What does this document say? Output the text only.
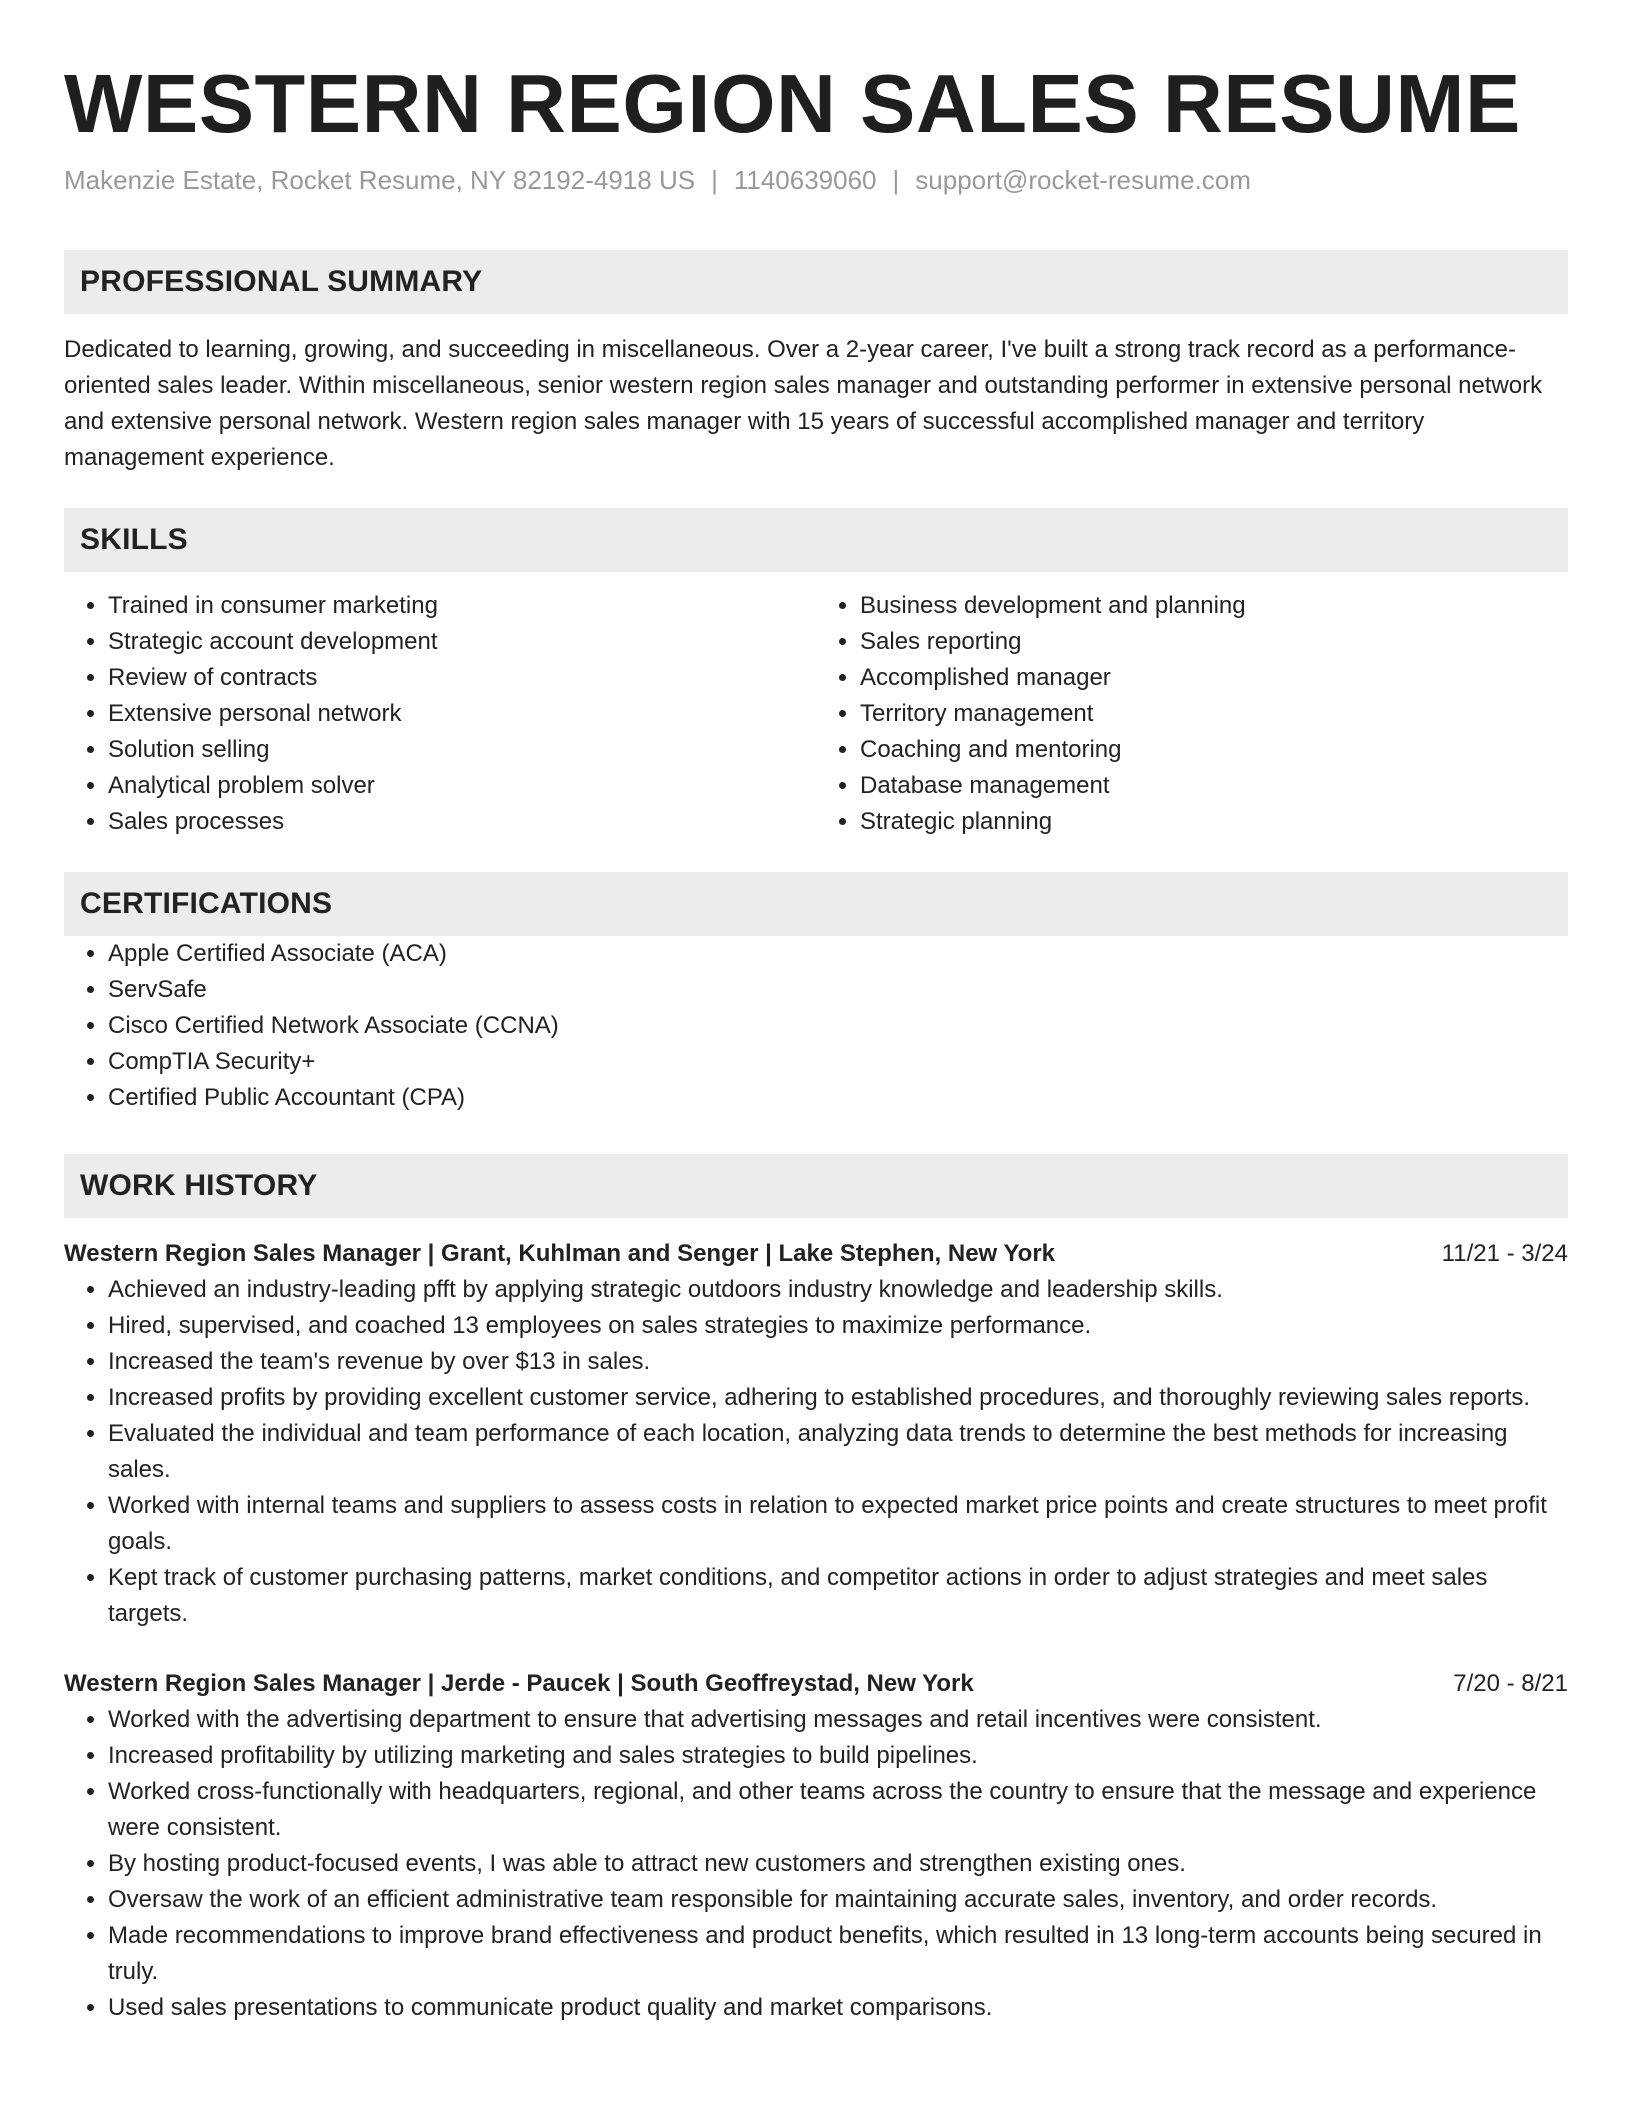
WESTERN REGION SALES RESUME
Makenzie Estate, Rocket Resume, NY 82192-4918 US | 1140639060 | support@rocket-resume.com
PROFESSIONAL SUMMARY

Dedicated to learning, growing, and succeeding in miscellaneous. Over a 2-year career, I've built a strong track record as a performance-oriented sales leader. Within miscellaneous, senior western region sales manager and outstanding performer in extensive personal network and extensive personal network. Western region sales manager with 15 years of successful accomplished manager and territory management experience.

SKILLS
• Trained in consumer marketing
• Strategic account development
• Review of contracts
• Extensive personal network
• Solution selling
• Analytical problem solver
• Sales processes
• Business development and planning
• Sales reporting
• Accomplished manager
• Territory management
• Coaching and mentoring
• Database management
• Strategic planning
CERTIFICATIONS
• Apple Certified Associate (ACA)
• ServSafe
• Cisco Certified Network Associate (CCNA)
• CompTIA Security+
• Certified Public Accountant (CPA)
WORK HISTORY
Western Region Sales Manager | Grant, Kuhlman and Senger | Lake Stephen, New York	11/21 - 3/24
• Achieved an industry-leading pfft by applying strategic outdoors industry knowledge and leadership skills.
• Hired, supervised, and coached 13 employees on sales strategies to maximize performance.
• Increased the team's revenue by over $13 in sales.
• Increased profits by providing excellent customer service, adhering to established procedures, and thoroughly reviewing sales reports.
• Evaluated the individual and team performance of each location, analyzing data trends to determine the best methods for increasing sales.
• Worked with internal teams and suppliers to assess costs in relation to expected market price points and create structures to meet profit goals.
• Kept track of customer purchasing patterns, market conditions, and competitor actions in order to adjust strategies and meet sales targets.
Western Region Sales Manager | Jerde - Paucek | South Geoffreystad, New York	7/20 - 8/21
• Worked with the advertising department to ensure that advertising messages and retail incentives were consistent.
• Increased profitability by utilizing marketing and sales strategies to build pipelines.
• Worked cross-functionally with headquarters, regional, and other teams across the country to ensure that the message and experience were consistent.
• By hosting product-focused events, I was able to attract new customers and strengthen existing ones.
• Oversaw the work of an efficient administrative team responsible for maintaining accurate sales, inventory, and order records.
• Made recommendations to improve brand effectiveness and product benefits, which resulted in 13 long-term accounts being secured in truly.
• Used sales presentations to communicate product quality and market comparisons.
